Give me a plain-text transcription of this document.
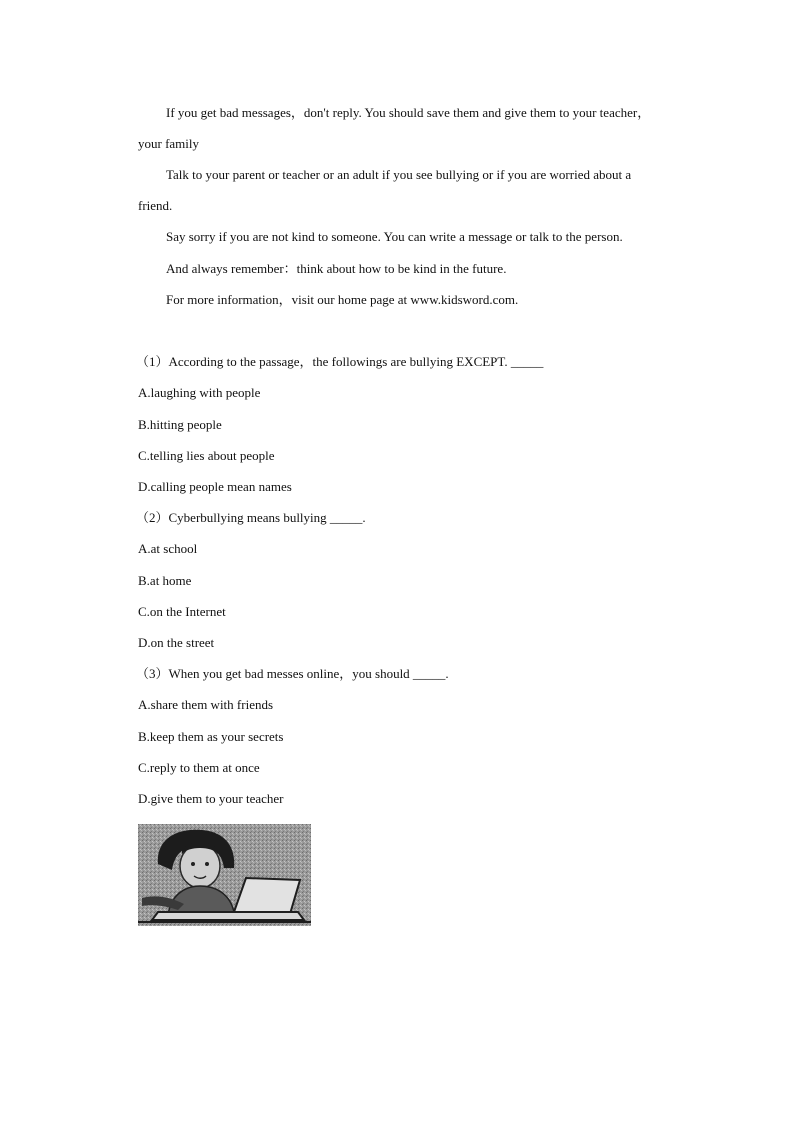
If you get bad messages，don't reply. You should save them and give them to your teacher，
your family
Talk to your parent or teacher or an adult if you see bullying or if you are worried about a
friend.
Say sorry if you are not kind to someone. You can write a message or talk to the person.
And always remember：think about how to be kind in the future.
For more information，visit our home page at www.kidsword.com.
（1）According to the passage，the followings are bullying EXCEPT. _____
A.laughing with people
B.hitting people
C.telling lies about people
D.calling people mean names
（2）Cyberbullying means bullying _____.
A.at school
B.at home
C.on the Internet
D.on the street
（3）When you get bad messes online，you should _____.
A.share them with friends
B.keep them as your secrets
C.reply to them at once
D.give them to your teacher
